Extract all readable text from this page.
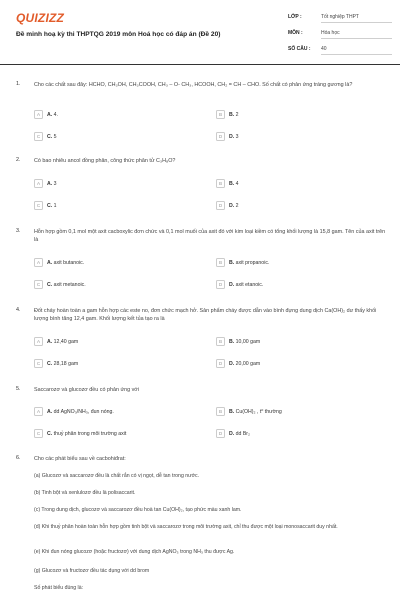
QUIZIZZ
Đề minh hoạ kỳ thi THPTQG 2019 môn Hoá học có đáp án (Đề 20)
LỚP :	Tốt nghiệp THPT
MÔN :	Hóa học
SỐ CÂU : 40
1.	Cho các chất sau đây: HCHO, CH₃OH, CH₃COOH, CH₃ – O- CH₃, HCOOH, CH₂ = CH – CHO. Số chất có phản ứng tráng gương là?
A	A. 4.	B	B. 2
C	C. 5	D	D. 3
2.	Có bao nhiêu ancol đồng phân, công thức phân tử C₃H₈O?
A	A. 3	B	B. 4
C	C. 1	D	D. 2
3.	Hỗn hợp gồm 0,1 mol một axit cacboxylic đơn chức và 0,1 mol muối của axit đó với kim loại kiềm có tổng khối lượng là 15,8 gam. Tên của axit trên là
A	A. axit butanoic.	B	B. axit propanoic.
C	C. axit metanoic.	D	D. axit etanoic.
4.	Đốt cháy hoàn toàn a gam hỗn hợp các este no, đơn chức mạch hở. Sản phẩm cháy được dẫn vào bình đựng dung dịch Ca(OH)₂ dư thấy khối lượng bình tăng 12,4 gam. Khối lượng kết tủa tạo ra là
A	A. 12,40 gam	B	B. 10,00 gam
C	C. 28,18 gam	D	D. 20,00 gam
5.	Saccarozơ và glucozơ đều có phản ứng với
A	A. dd AgNO₃/NH₃, đun nóng.	B	B. Cu(OH)₂ , t⁰ thường
C	C. thuỷ phân trong môi trường axit	D	D. dd Br₂
6.	Cho các phát biểu sau về cacbohiđrat:
(a) Glucozơ và saccarozơ đều là chất rắn có vị ngọt, dễ tan trong nước.
(b) Tinh bột và xenlulozơ đều là polisaccarit.
(c) Trong dung dịch, glucozơ và saccarozơ đều hoà tan Cu(OH)₂, tạo phức màu xanh lam.
(d) Khi thuỷ phân hoàn toàn hỗn hợp gồm tinh bột và saccarozơ trong môi trường axit, chỉ thu được một loại monosaccarit duy nhất.
(e) Khi đun nóng glucozơ (hoặc fructozơ) với dung dịch AgNO₃ trong NH₃ thu được Ag.
(g) Glucozơ và fructozơ đều tác dụng với dd brom
Số phát biểu đúng là:
